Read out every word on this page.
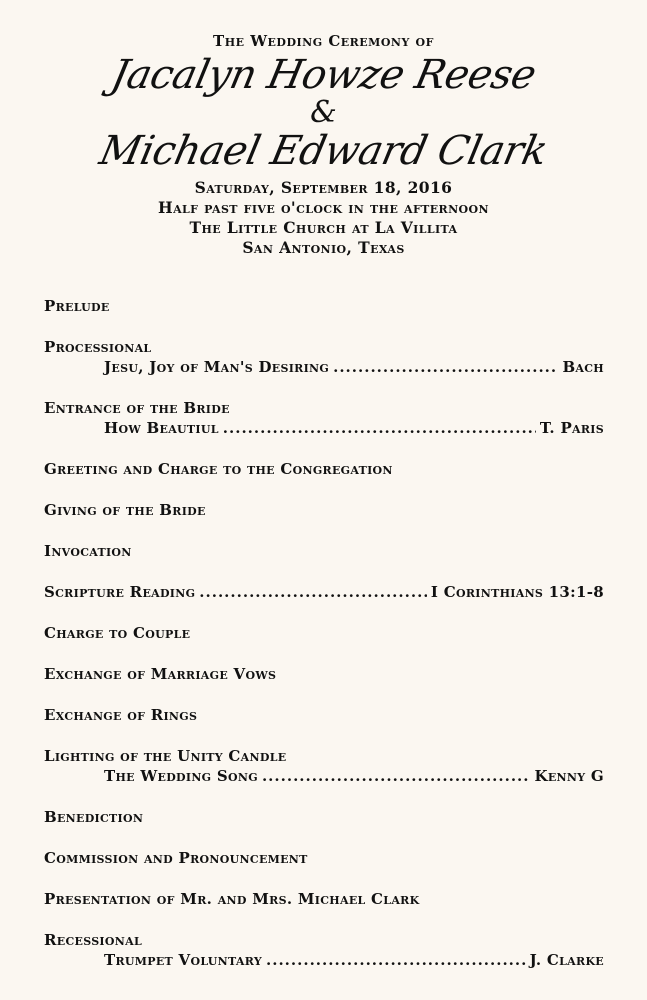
The Wedding Ceremony of

Jacalyn Howze Reese

&

Michael Edward Clark

Saturday, September 18, 2016
Half past five o'clock in the afternoon
The Little Church at La Villita
San Antonio, Texas
Prelude
Processional
Jesu, Joy of Man's Desiring .....	Bach
Entrance of the Bride
How Beautiul .....	T. Paris
Greeting and Charge to the Congregation
Giving of the Bride
Invocation
Scripture Reading .....	I Corinthians 13:1-8
Charge to Couple
Exchange of Marriage Vows
Exchange of Rings
Lighting of the Unity Candle
The Wedding Song .....	Kenny G
Benediction
Commission and Pronouncement
Presentation of Mr. and Mrs. Michael Clark
Recessional
Trumpet Voluntary .....	J. Clarke
